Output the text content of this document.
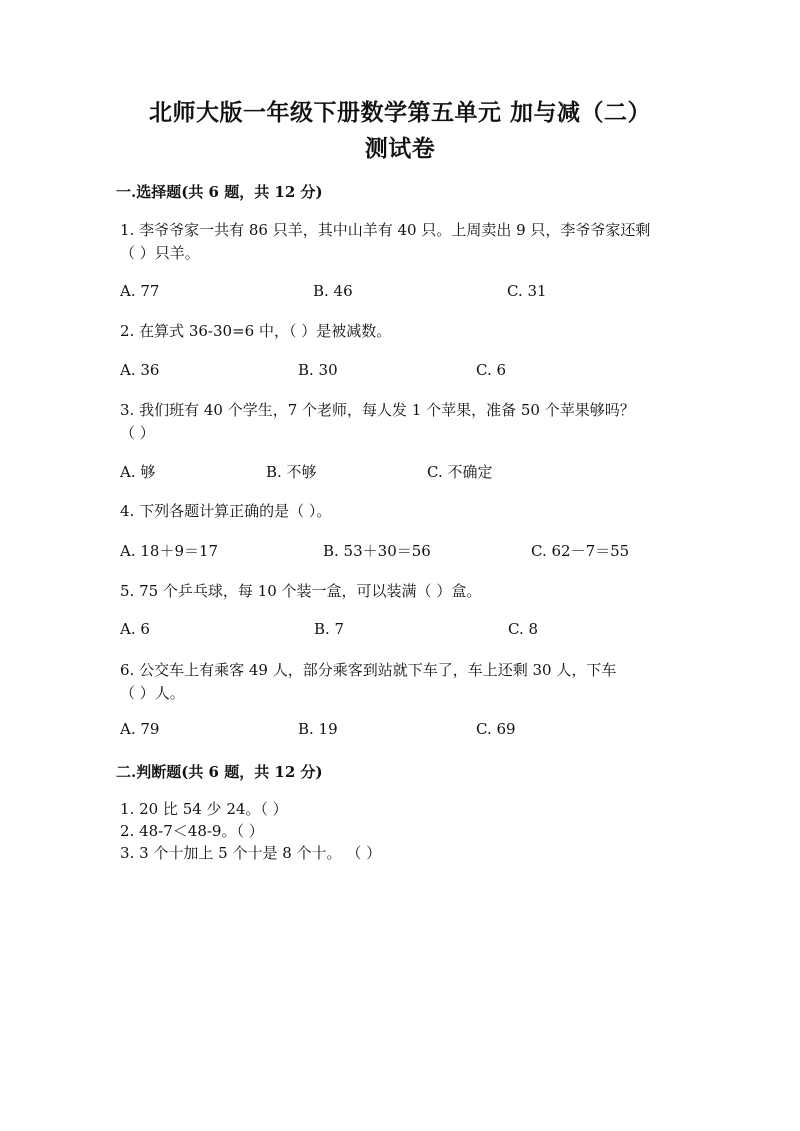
北师大版一年级下册数学第五单元 加与减（二）
测试卷
一.选择题(共 6 题，共 12 分)
1. 李爷爷家一共有 86 只羊，其中山羊有 40 只。上周卖出 9 只，李爷爷家还剩
（ ）只羊。
A. 77	B. 46	C. 31
2. 在算式 36-30=6 中，（ ）是被减数。
A. 36	B. 30	C. 6
3. 我们班有 40 个学生，7 个老师，每人发 1 个苹果，准备 50 个苹果够吗？
（ ）
A. 够	B. 不够	C. 不确定
4. 下列各题计算正确的是（ ）。
A. 18＋9＝17	B. 53＋30＝56	C. 62－7＝55
5. 75 个乒乓球，每 10 个装一盒，可以装满（ ）盒。
A. 6	B. 7	C. 8
6. 公交车上有乘客 49 人，部分乘客到站就下车了，车上还剩 30 人，下车
（ ）人。
A. 79	B. 19	C. 69
二.判断题(共 6 题，共 12 分)
1. 20 比 54 少 24。（ ）
2. 48-7＜48-9。（ ）
3. 3 个十加上 5 个十是 8 个十。 （ ）
